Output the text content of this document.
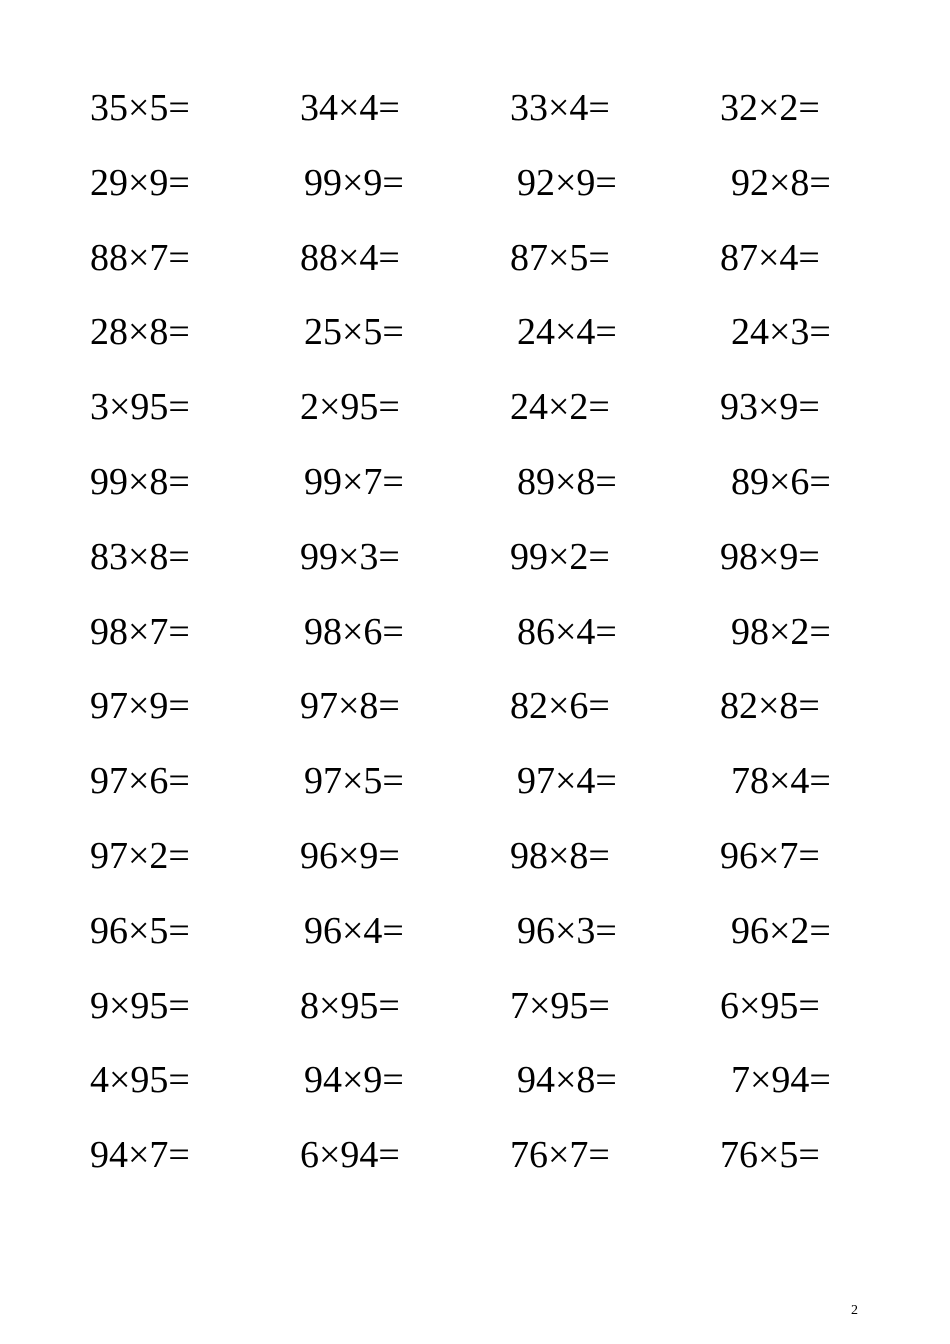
35×5=	34×4=	33×4=	32×2=
29×9=	99×9=	92×9=	92×8=
88×7=	88×4=	87×5=	87×4=
28×8=	25×5=	24×4=	24×3=
3×95=	2×95=	24×2=	93×9=
99×8=	99×7=	89×8=	89×6=
83×8=	99×3=	99×2=	98×9=
98×7=	98×6=	86×4=	98×2=
97×9=	97×8=	82×6=	82×8=
97×6=	97×5=	97×4=	78×4=
97×2=	96×9=	98×8=	96×7=
96×5=	96×4=	96×3=	96×2=
9×95=	8×95=	7×95=	6×95=
4×95=	94×9=	94×8=	7×94=
94×7=	6×94=	76×7=	76×5=
2
